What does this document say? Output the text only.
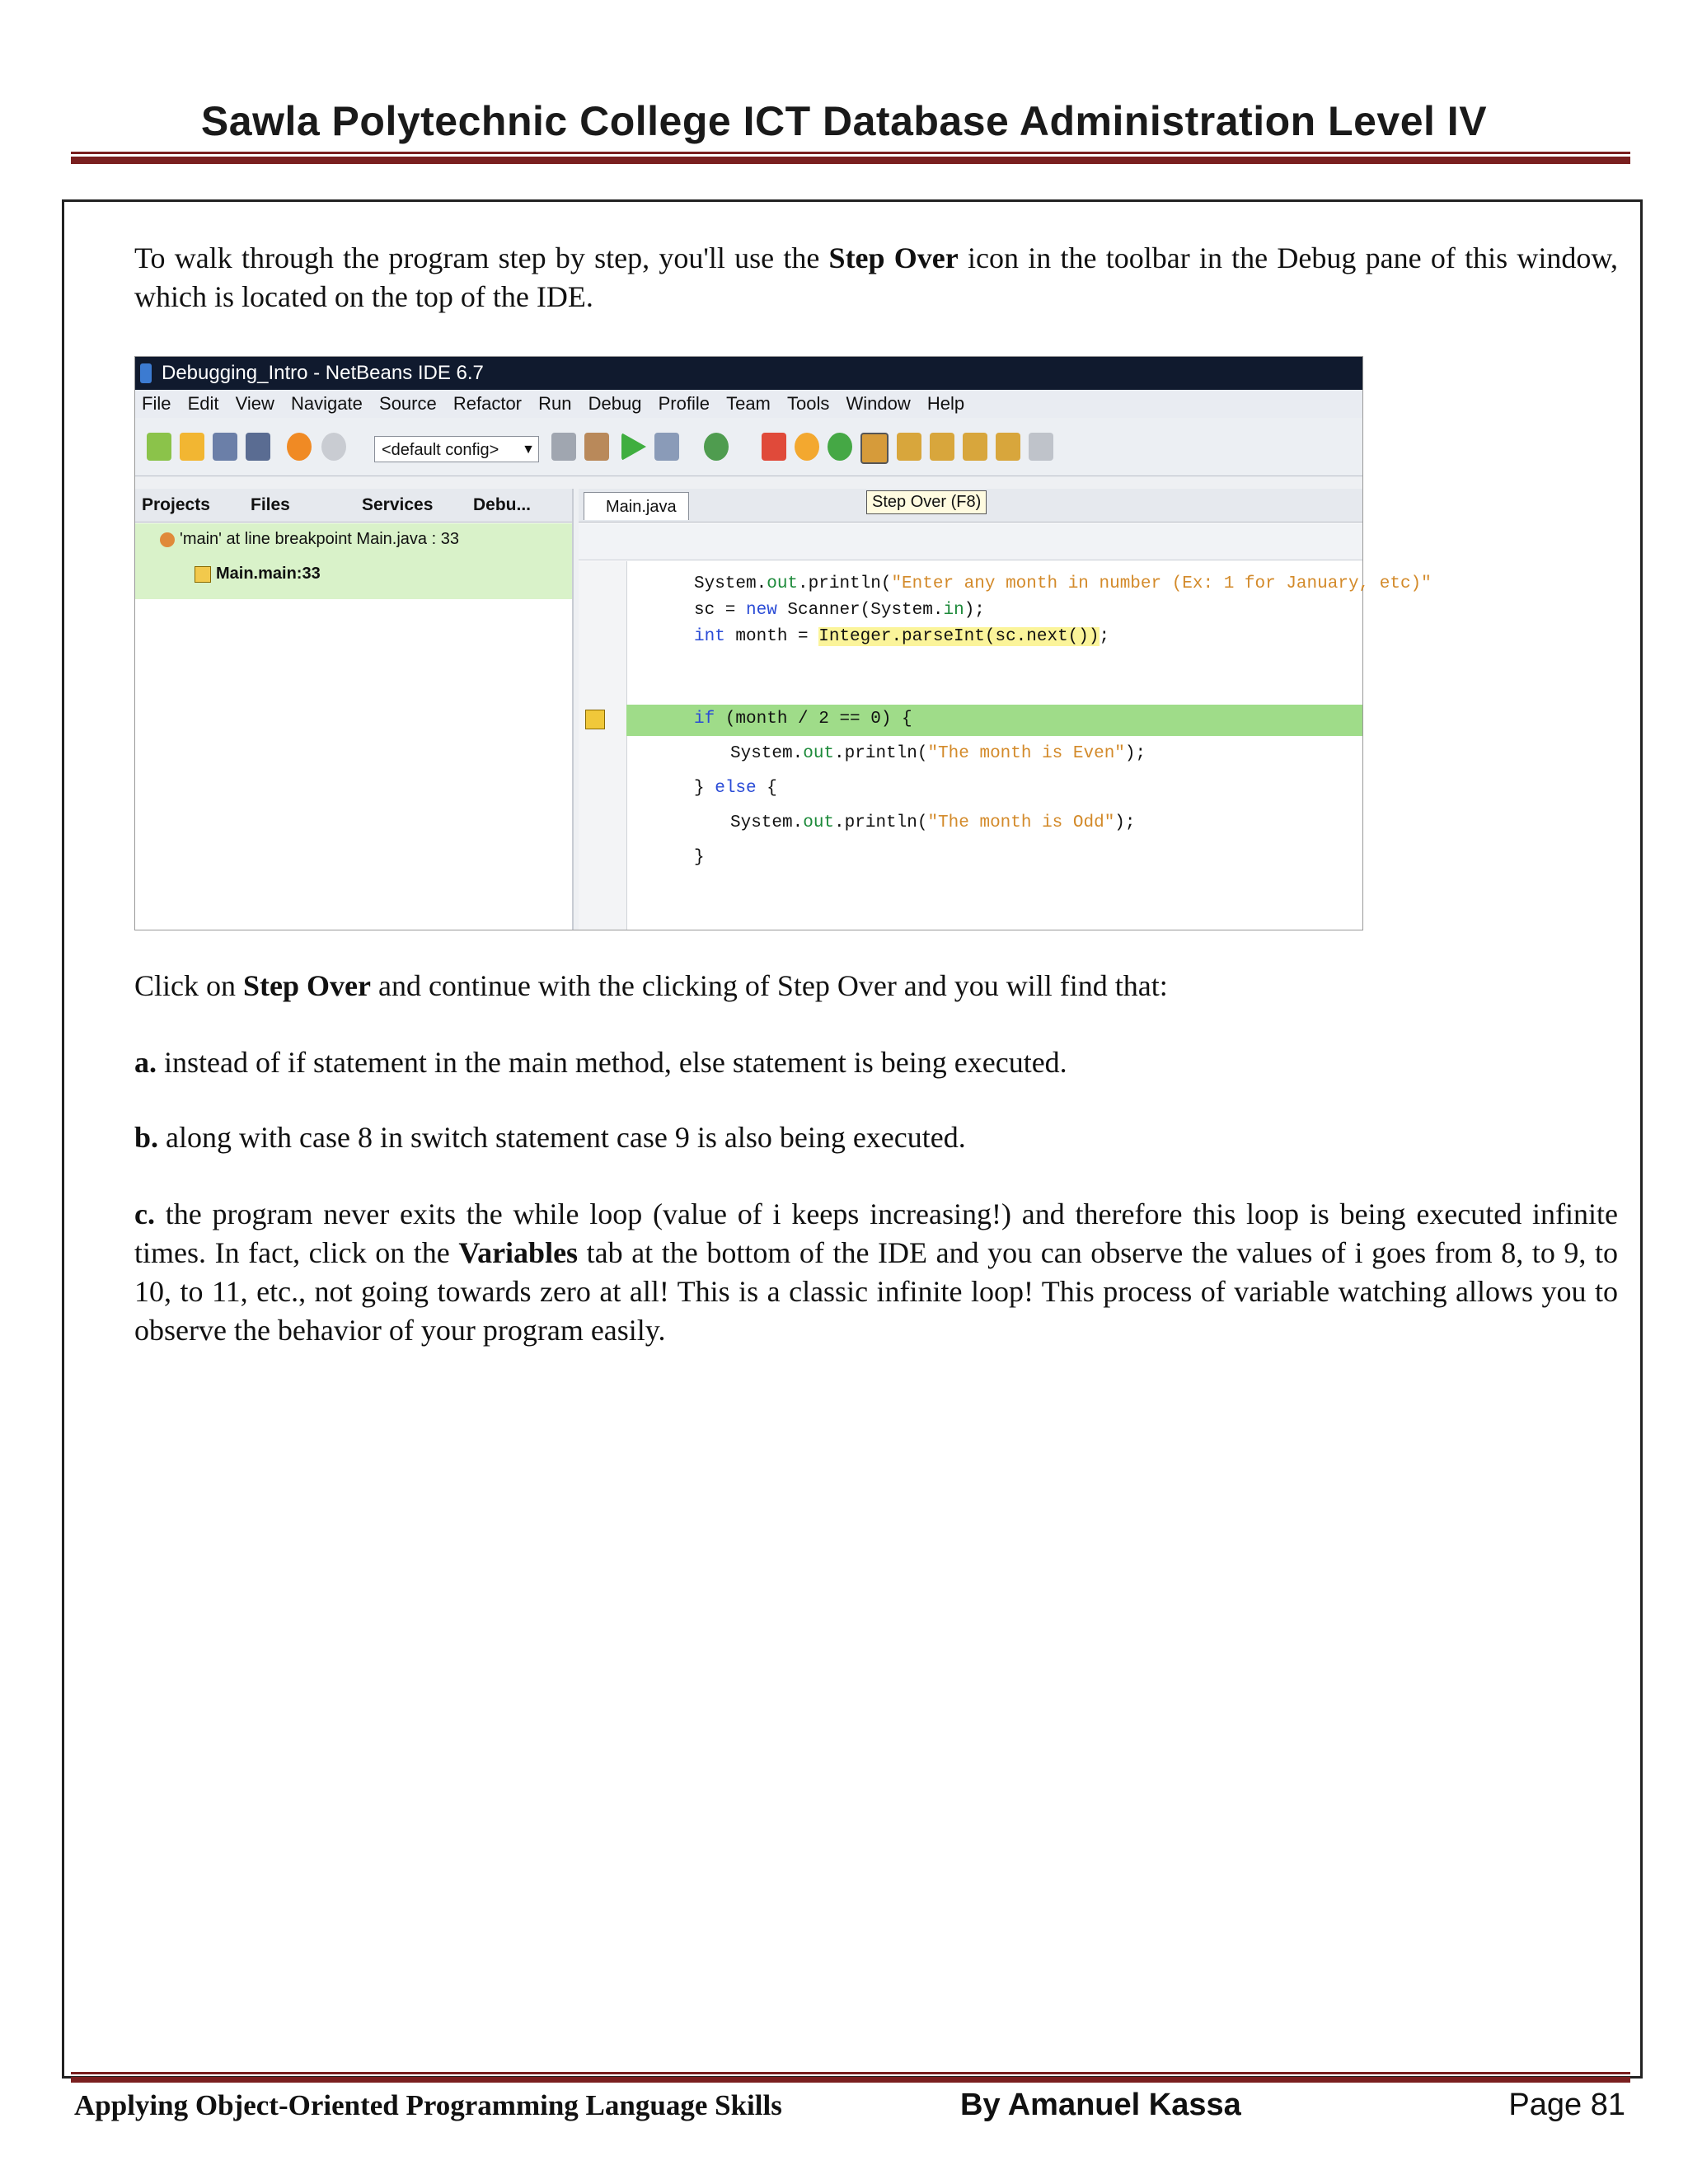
Sawla Polytechnic College ICT Database Administration Level IV

To walk through the program step by step, you'll use the Step Over icon in the toolbar in the Debug pane of this window, which is located on the top of the IDE.

Debugging_Intro - NetBeans IDE 6.7
File Edit View Navigate Source Refactor Run Debug Profile Team Tools Window Help
<default config> ▼
Step Over (F8)
Projects Files	Services Debu...
'main' at line breakpoint Main.java : 33
Main.main:33
Main.java
System.out.println("Enter any month in number (Ex: 1 for January, etc)"
sc = new Scanner(System.in);
int month = Integer.parseInt(sc.next());
if (month / 2 == 0) {
System.out.println("The month is Even");
} else {
System.out.println("The month is Odd");
}

Click on Step Over and continue with the clicking of Step Over and you will find that:

a. instead of if statement in the main method, else statement is being executed.

b. along with case 8 in switch statement case 9 is also being executed.

c. the program never exits the while loop (value of i keeps increasing!) and therefore this loop is being executed infinite times. In fact, click on the Variables tab at the bottom of the IDE and you can observe the values of i goes from 8, to 9, to 10, to 11, etc., not going towards zero at all! This is a classic infinite loop! This process of variable watching allows you to observe the behavior of your program easily.

Applying Object-Oriented Programming Language Skills	By Amanuel Kassa	Page 81
